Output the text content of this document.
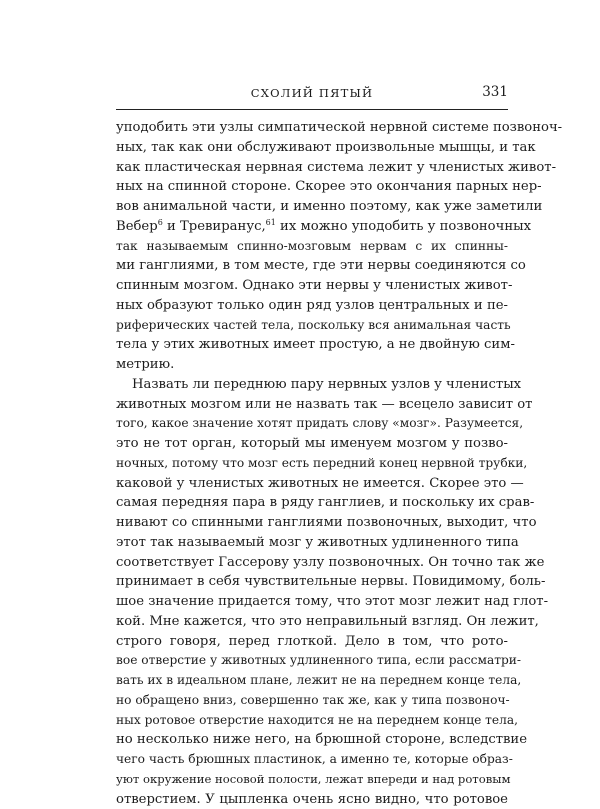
СХОЛИЙ ПЯТЫЙ	331
уподобить эти узлы симпатической нервной системе позвоноч-
ных, так как они обслуживают произвольные мышцы, и так
как пластическая нервная система лежит у членистых живот-
ных на спинной стороне. Скорее это окончания парных нер-
вов анимальной части, и именно поэтому, как уже заметили
Вебер$^6$ и Тревиранус,$^{61}$ их можно уподобить у позвоночных
так называемым спинно-мозговым нервам с их спинны-
ми ганглиями, в том месте, где эти нервы соединяются со
спинным мозгом. Однако эти нервы у членистых живот-
ных образуют только один ряд узлов центральных и пе-
риферических частей тела, поскольку вся анимальная часть
тела у этих животных имеет простую, а не двойную сим-
метрию.
Назвать ли переднюю пару нервных узлов у членистых
животных мозгом или не назвать так — всецело зависит от
того, какое значение хотят придать слову «мозг». Разумеется,
это не тот орган, который мы именуем мозгом у позво-
ночных, потому что мозг есть передний конец нервной трубки,
каковой у членистых животных не имеется. Скорее это —
самая передняя пара в ряду ганглиев, и поскольку их срав-
нивают со спинными ганглиями позвоночных, выходит, что
этот так называемый мозг у животных удлиненного типа
соответствует Гассерову узлу позвоночных. Он точно так же
принимает в себя чувствительные нервы. Повидимому, боль-
шое значение придается тому, что этот мозг лежит над глот-
кой. Мне кажется, что это неправильный взгляд. Он лежит,
строго говоря, перед глоткой. Дело в том, что рото-
вое отверстие у животных удлиненного типа, если рассматри-
вать их в идеальном плане, лежит не на переднем конце тела,
но обращено вниз, совершенно так же, как у типа позвоноч-
ных ротовое отверстие находится не на переднем конце тела,
но несколько ниже него, на брюшной стороне, вследствие
чего часть брюшных пластинок, а именно те, которые образ-
уют окружение носовой полости, лежат впереди и над ротовым
отверстием. У цыпленка очень ясно видно, что ротовое
